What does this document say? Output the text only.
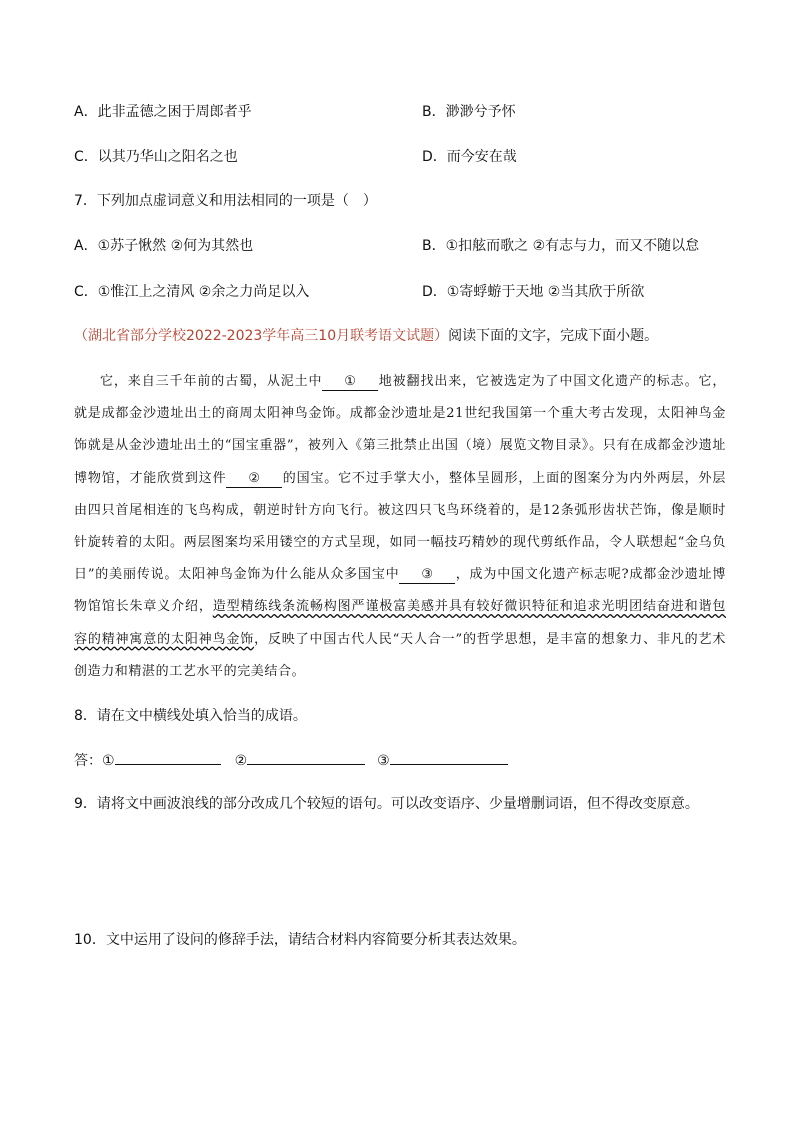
A．此非孟德之困于周郎者乎	B．渺渺兮予怀
C．以其乃华山之阳名之也	D．而今安在哉
7．下列加点虚词意义和用法相同的一项是（　）
A．①苏子愀然 ②何为其然也	B．①扣舷而歌之 ②有志与力，而又不随以怠
C．①惟江上之清风 ②余之力尚足以入	D．①寄蜉蝣于天地 ②当其欣于所欲
（湖北省部分学校2022-2023学年高三10月联考语文试题）阅读下面的文字，完成下面小题。

它，来自三千年前的古蜀，从泥土中 ① 地被翻找出来，它被选定为了中国文化遗产的标志。它，就是成都金沙遗址出土的商周太阳神鸟金饰。成都金沙遗址是21世纪我国第一个重大考古发现，太阳神鸟金饰就是从金沙遗址出土的“国宝重器”，被列入《第三批禁止出国（境）展览文物目录》。只有在成都金沙遗址博物馆，才能欣赏到这件 ② 的国宝。它不过手掌大小，整体呈圆形，上面的图案分为内外两层，外层由四只首尾相连的飞鸟构成，朝逆时针方向飞行。被这四只飞鸟环绕着的，是12条弧形齿状芒饰，像是顺时针旋转着的太阳。两层图案均采用镂空的方式呈现，如同一幅技巧精妙的现代剪纸作品，令人联想起“金乌负日”的美丽传说。太阳神鸟金饰为什么能从众多国宝中 ③ ，成为中国文化遗产标志呢?成都金沙遗址博物馆馆长朱章义介绍，造型精练线条流畅构图严谨极富美感并具有较好微识特征和追求光明团结奋进和谐包容的精神寓意的太阳神鸟金饰，反映了中国古代人民“天人合一”的哲学思想，是丰富的想象力、非凡的艺术创造力和精湛的工艺水平的完美结合。

8．请在文中横线处填入恰当的成语。
答：①	②	③
9．请将文中画波浪线的部分改成几个较短的语句。可以改变语序、少量增删词语，但不得改变原意。
10．文中运用了设问的修辞手法，请结合材料内容简要分析其表达效果。
